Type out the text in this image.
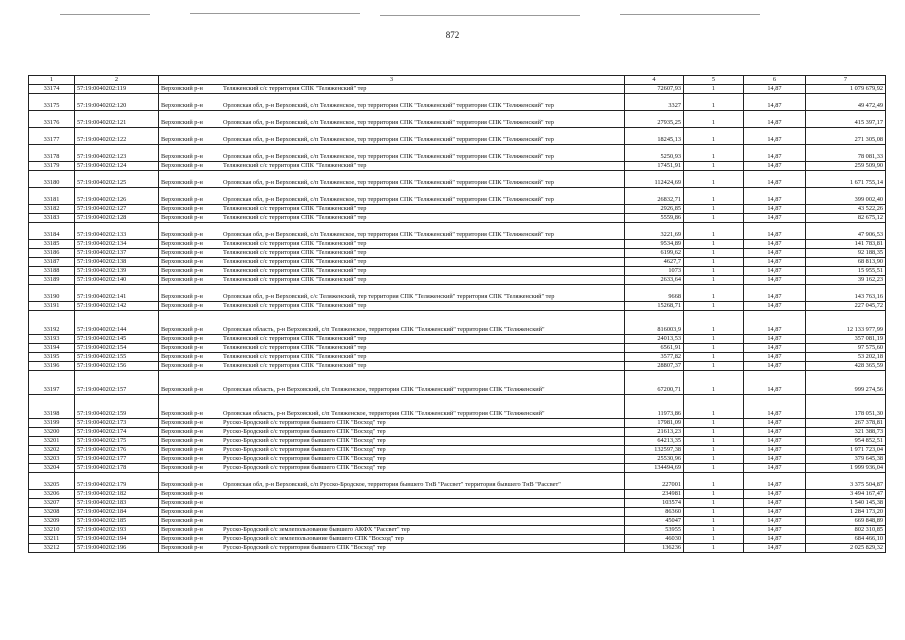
872
1	2	3	4	5	6	7
33174	57:19:0040202:119	Верховский р-н Теляженский с/с территория СПК "Теляженский" тер	72607,93	1	14,87	1 079 679,92
33175	57:19:0040202:120	Верховский р-н Орловская обл, р-н Верховский, с/п Теляженское, тер территория СПК "Теляженский" территория СПК "Теляженский" тер	3327	1	14,87	49 472,49
33176	57:19:0040202:121	Верховский р-н Орловская обл, р-н Верховский, с/п Теляженское, тер территория СПК "Теляженский" территория СПК "Теляженский" тер	27935,25	1	14,87	415 397,17
33177	57:19:0040202:122	Верховский р-н Орловская обл, р-н Верховский, с/п Теляженское, тер территория СПК "Теляженский" территория СПК "Теляженский" тер	18245,13	1	14,87	271 305,08
33178	57:19:0040202:123	Верховский р-н Орловская обл, р-н Верховский, с/п Теляженское, тер территория СПК "Теляженский" территория СПК "Теляженский" тер	5250,93	1	14,87	78 081,33
33179	57:19:0040202:124	Верховский р-н Теляженский с/с территория СПК "Теляженский" тер	17451,91	1	14,87	259 509,90
33180	57:19:0040202:125	Верховский р-н Орловская обл, р-н Верховский, с/п Теляженское, тер территория СПК "Теляженский" территория СПК "Теляженский" тер	112424,69	1	14,87	1 671 755,14
33181	57:19:0040202:126	Верховский р-н Орловская обл, р-н Верховский, с/п Теляженское, тер территория СПК "Теляженский" территория СПК "Теляженский" тер	26832,71	1	14,87	399 002,40
33182	57:19:0040202:127	Верховский р-н Теляженский с/с территория СПК "Теляженский" тер	2926,85	1	14,87	43 522,26
33183	57:19:0040202:128	Верховский р-н Теляженский с/с территория СПК "Теляженский" тер	5559,86	1	14,87	82 675,12
33184	57:19:0040202:133	Верховский р-н Орловская обл, р-н Верховский, с/п Теляженское, тер территория СПК "Теляженский" территория СПК "Теляженский" тер	3221,69	1	14,87	47 906,53
33185	57:19:0040202:134	Верховский р-н Теляженский с/с территория СПК "Теляженский" тер	9534,89	1	14,87	141 783,81
33186	57:19:0040202:137	Верховский р-н Теляженский с/с территория СПК "Теляженский" тер	6199,62	1	14,87	92 188,35
33187	57:19:0040202:138	Верховский р-н Теляженский с/с территория СПК "Теляженский" тер	4627,7	1	14,87	68 813,90
33188	57:19:0040202:139	Верховский р-н Теляженский с/с территория СПК "Теляженский" тер	1073	1	14,87	15 955,51
33189	57:19:0040202:140	Верховский р-н Теляженский с/с территория СПК "Теляженский" тер	2633,64	1	14,87	39 162,23
33190	57:19:0040202:141	Верховский р-н Орловская обл, р-н Верховский, с/с Теляженский, тер территория СПК "Теляженский" территория СПК "Теляженский" тер	9668	1	14,87	143 763,16
33191	57:19:0040202:142	Верховский р-н Теляженский с/с территория СПК "Теляженский" тер	15268,71	1	14,87	227 045,72
33192	57:19:0040202:144	Верховский р-н Орловская область, р-н Верховский, с/п Теляженское, территория СПК "Теляженский" территория СПК "Теляженский"	816003,9	1	14,87	12 133 977,99
33193	57:19:0040202:145	Верховский р-н Теляженский с/с территория СПК "Теляженский" тер	24013,53	1	14,87	357 081,19
33194	57:19:0040202:154	Верховский р-н Теляженский с/с территория СПК "Теляженский" тер	6561,91	1	14,87	97 575,60
33195	57:19:0040202:155	Верховский р-н Теляженский с/с территория СПК "Теляженский" тер	3577,82	1	14,87	53 202,18
33196	57:19:0040202:156	Верховский р-н Теляженский с/с территория СПК "Теляженский" тер	28807,37	1	14,87	428 365,59
33197	57:19:0040202:157	Верховский р-н Орловская область, р-н Верховский, с/п Теляженское, территория СПК "Теляженский" территория СПК "Теляженский"	67200,71	1	14,87	999 274,56
33198	57:19:0040202:159	Верховский р-н Орловская область, р-н Верховский, с/п Теляженское, территория СПК "Теляженский" территория СПК "Теляженский"	11973,86	1	14,87	178 051,30
33199	57:19:0040202:173	Верховский р-н Русско-Бродский с/с территория бывшего СПК "Восход" тер	17981,09	1	14,87	267 378,81
33200	57:19:0040202:174	Верховский р-н Русско-Бродский с/с территория бывшего СПК "Восход" тер	21613,23	1	14,87	321 388,73
33201	57:19:0040202:175	Верховский р-н Русско-Бродский с/с территория бывшего СПК "Восход" тер	64213,35	1	14,87	954 852,51
33202	57:19:0040202:176	Верховский р-н Русско-Бродский с/с территория бывшего СПК "Восход" тер	132597,38	1	14,87	1 971 723,04
33203	57:19:0040202:177	Верховский р-н Русско-Бродский с/с территория бывшего СПК "Восход" тер	25530,96	1	14,87	379 645,38
33204	57:19:0040202:178	Верховский р-н Русско-Бродский с/с территория бывшего СПК "Восход" тер	134494,69	1	14,87	1 999 936,04
33205	57:19:0040202:179	Верховский р-н Орловская обл, р-н Верховский, с/п Русско-Бродское, территория бывшего ТнВ "Рассвет" территория бывшего ТнВ "Рассвет"	227001	1	14,87	3 375 504,87
33206	57:19:0040202:182	Верховский р-н	234981	1	14,87	3 494 167,47
33207	57:19:0040202:183	Верховский р-н	103574	1	14,87	1 540 145,38
33208	57:19:0040202:184	Верховский р-н	86360	1	14,87	1 284 173,20
33209	57:19:0040202:185	Верховский р-н	45047	1	14,87	669 848,89
33210	57:19:0040202:193	Верховский р-н Русско-Бродский с/с землепользование бывшего АКФХ "Рассвет" тер	53955	1	14,87	802 310,85
33211	57:19:0040202:194	Верховский р-н Русско-Бродский с/с землепользование бывшего СПК "Восход" тер	46030	1	14,87	684 466,10
33212	57:19:0040202:196	Верховский р-н Русско-Бродский с/с территория бывшего СПК "Восход" тер	136236	1	14,87	2 025 829,32
